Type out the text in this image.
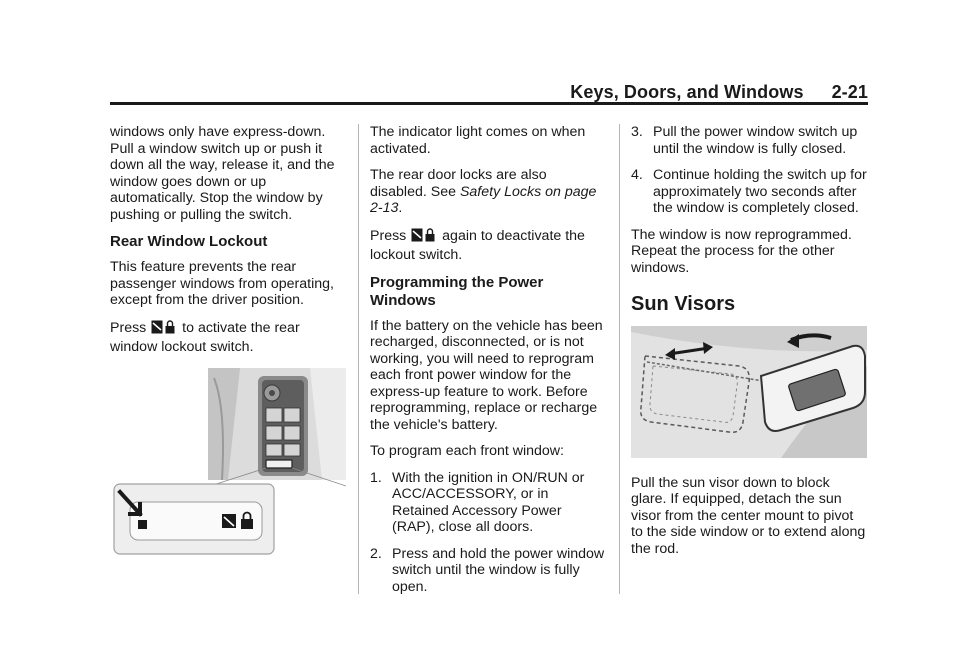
Keys, Doors, and Windows 2-21

windows only have express-down. Pull a window switch up or push it down all the way, release it, and the window goes down or up automatically. Stop the window by pushing or pulling the switch.

Rear Window Lockout

This feature prevents the rear passenger windows from operating, except from the driver position.

Press	to activate the rear window lockout switch.

The indicator light comes on when activated.

The rear door locks are also disabled. See Safety Locks on page 2-13.

Press	again to deactivate the lockout switch.

Programming the Power Windows

If the battery on the vehicle has been recharged, disconnected, or is not working, you will need to reprogram each front power window for the express-up feature to work. Before reprogramming, replace or recharge the vehicle's battery.

To program each front window:

1. With the ignition in ON/RUN or ACC/ACCESSORY, or in Retained Accessory Power (RAP), close all doors.
2. Press and hold the power window switch until the window is fully open.
3. Pull the power window switch up until the window is fully closed.
4. Continue holding the switch up for approximately two seconds after the window is completely closed.

The window is now reprogrammed. Repeat the process for the other windows.

Sun Visors

Pull the sun visor down to block glare. If equipped, detach the sun visor from the center mount to pivot to the side window or to extend along the rod.
